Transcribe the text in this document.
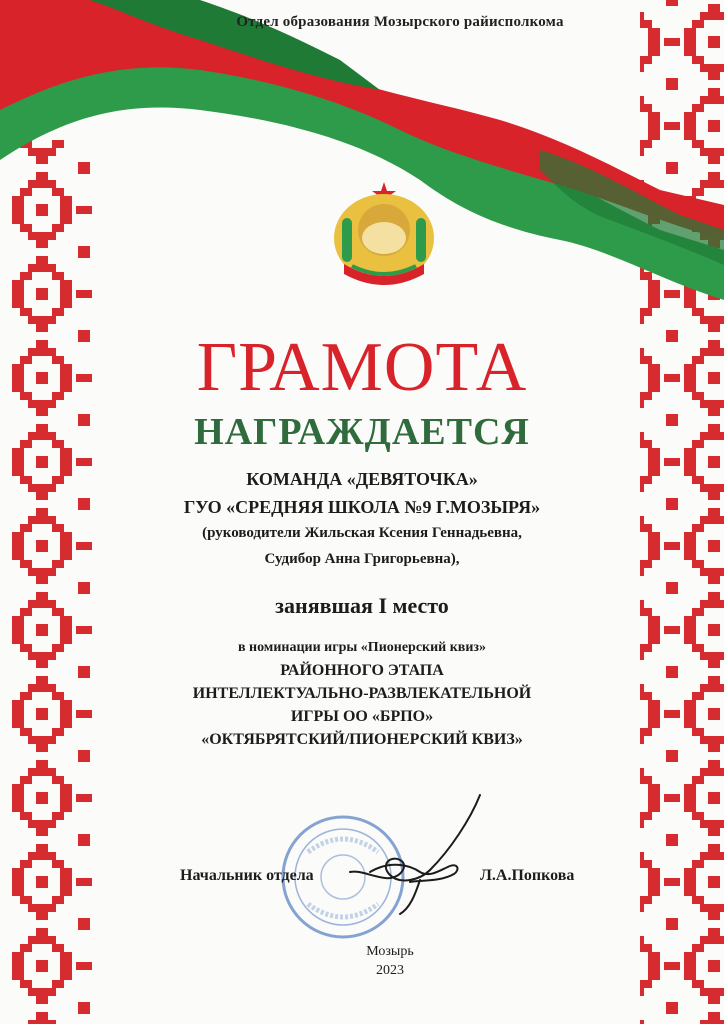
Отдел образования Мозырского райисполкома
ГРАМОТА
НАГРАЖДАЕТСЯ
КОМАНДА «ДЕВЯТОЧКА»
ГУО «СРЕДНЯЯ ШКОЛА №9 Г.МОЗЫРЯ»
(руководители Жильская Ксения Геннадьевна,
Судибор Анна Григорьевна),
занявшая I место
в номинации игры «Пионерский квиз»
РАЙОННОГО ЭТАПА
ИНТЕЛЛЕКТУАЛЬНО-РАЗВЛЕКАТЕЛЬНОЙ
ИГРЫ ОО «БРПО»
«ОКТЯБРЯТСКИЙ/ПИОНЕРСКИЙ КВИЗ»
Начальник отдела	Л.А.Попкова
Мозырь
2023
